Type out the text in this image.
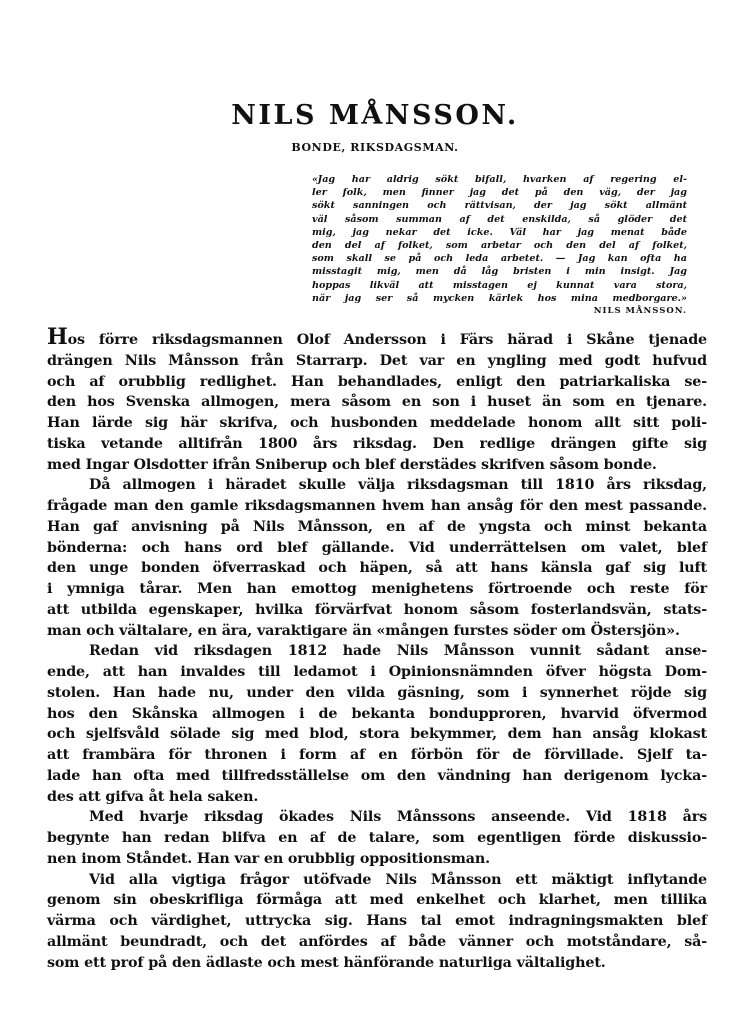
NILS MÅNSSON.
BONDE, RIKSDAGSMAN.
«Jag har aldrig sökt bifall, hvarken af regering el-
ler folk, men finner jag det på den väg, der jag
sökt sanningen och rättvisan, der jag sökt allmänt
väl såsom summan af det enskilda, så glöder det
mig, jag nekar det icke. Väl har jag menat både
den del af folket, som arbetar och den del af folket,
som skall se på och leda arbetet. — Jag kan ofta ha
misstagit mig, men då låg bristen i min insigt. Jag
hoppas likväl att misstagen ej kunnat vara stora,
när jag ser så mycken kärlek hos mina medborgare.»
NILS MÅNSSON.
Hos förre riksdagsmannen Olof Andersson i Färs härad i Skåne tjenade
drängen Nils Månsson från Starrarp. Det var en yngling med godt hufvud
och af orubblig redlighet. Han behandlades, enligt den patriarkaliska se-
den hos Svenska allmogen, mera såsom en son i huset än som en tjenare.
Han lärde sig här skrifva, och husbonden meddelade honom allt sitt poli-
tiska vetande alltifrån 1800 års riksdag. Den redlige drängen gifte sig
med Ingar Olsdotter ifrån Sniberup och blef derstädes skrifven såsom bonde.
Då allmogen i häradet skulle välja riksdagsman till 1810 års riksdag,
frågade man den gamle riksdagsmannen hvem han ansåg för den mest passande.
Han gaf anvisning på Nils Månsson, en af de yngsta och minst bekanta
bönderna: och hans ord blef gällande. Vid underrättelsen om valet, blef
den unge bonden öfverraskad och häpen, så att hans känsla gaf sig luft
i ymniga tårar. Men han emottog menighetens förtroende och reste för
att utbilda egenskaper, hvilka förvärfvat honom såsom fosterlandsvän, stats-
man och vältalare, en ära, varaktigare än «mången furstes söder om Östersjön».
Redan vid riksdagen 1812 hade Nils Månsson vunnit sådant anse-
ende, att han invaldes till ledamot i Opinionsnämnden öfver högsta Dom-
stolen. Han hade nu, under den vilda gäsning, som i synnerhet röjde sig
hos den Skånska allmogen i de bekanta bondupproren, hvarvid öfvermod
och sjelfsvåld sölade sig med blod, stora bekymmer, dem han ansåg klokast
att frambära för thronen i form af en förbön för de förvillade. Sjelf ta-
lade han ofta med tillfredsställelse om den vändning han derigenom lycka-
des att gifva åt hela saken.
Med hvarje riksdag ökades Nils Månssons anseende. Vid 1818 års
begynte han redan blifva en af de talare, som egentligen förde diskussio-
nen inom Ståndet. Han var en orubblig oppositionsman.
Vid alla vigtiga frågor utöfvade Nils Månsson ett mäktigt inflytande
genom sin obeskrifliga förmåga att med enkelhet och klarhet, men tillika
värma och värdighet, uttrycka sig. Hans tal emot indragningsmakten blef
allmänt beundradt, och det anfördes af både vänner och motståndare, så-
som ett prof på den ädlaste och mest hänförande naturliga vältalighet.
